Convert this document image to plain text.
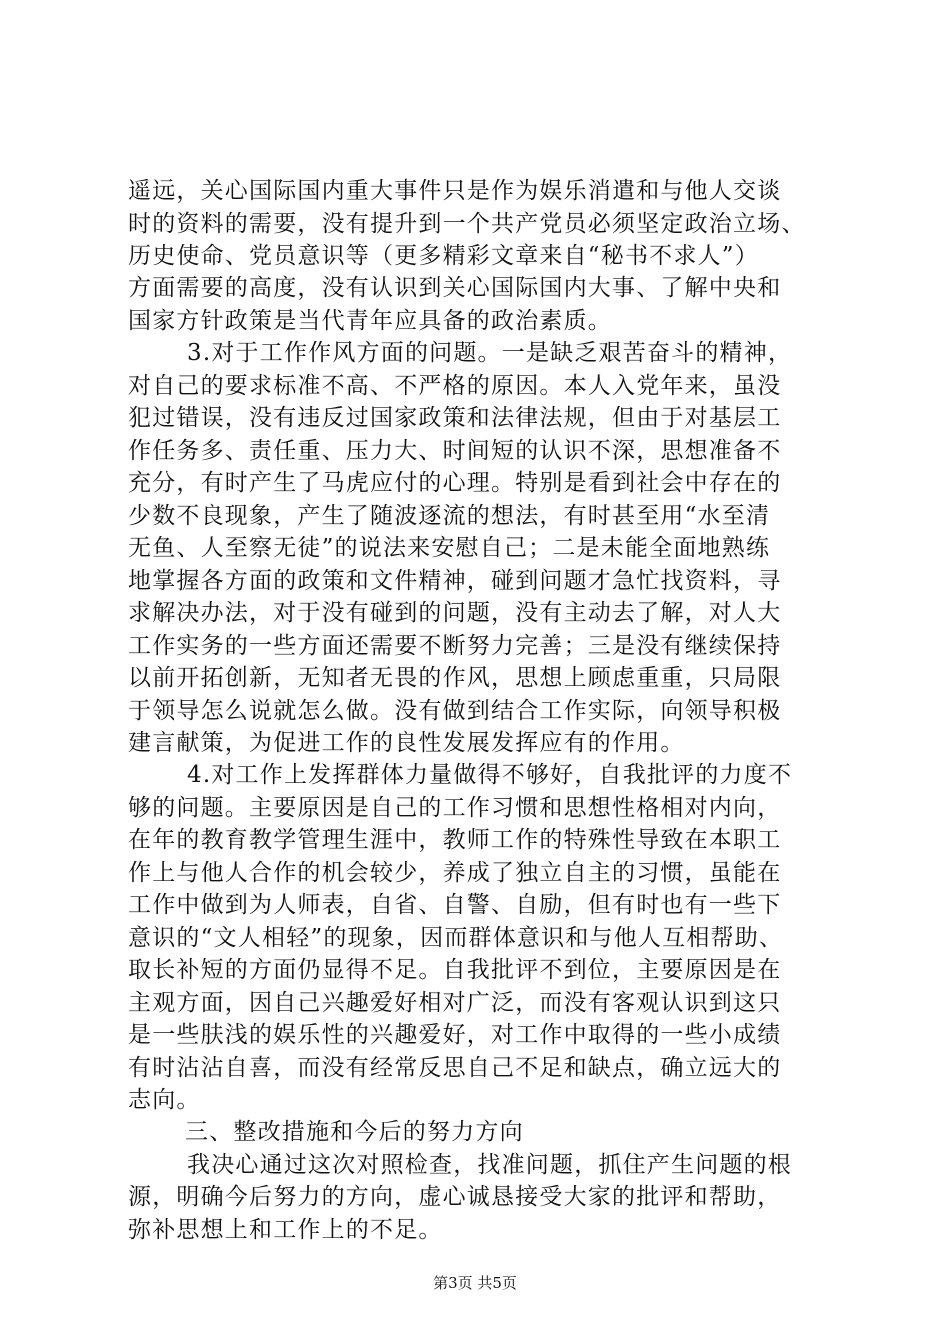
遥远，关心国际国内重大事件只是作为娱乐消遣和与他人交谈
时的资料的需要，没有提升到一个共产党员必须坚定政治立场、
历史使命、党员意识等（更多精彩文章来自“秘书不求人”）
方面需要的高度，没有认识到关心国际国内大事、了解中央和
国家方针政策是当代青年应具备的政治素质。
3.对于工作作风方面的问题。一是缺乏艰苦奋斗的精神，
对自己的要求标准不高、不严格的原因。本人入党年来，虽没
犯过错误，没有违反过国家政策和法律法规，但由于对基层工
作任务多、责任重、压力大、时间短的认识不深，思想准备不
充分，有时产生了马虎应付的心理。特别是看到社会中存在的
少数不良现象，产生了随波逐流的想法，有时甚至用“水至清
无鱼、人至察无徒”的说法来安慰自己；二是未能全面地熟练
地掌握各方面的政策和文件精神，碰到问题才急忙找资料，寻
求解决办法，对于没有碰到的问题，没有主动去了解，对人大
工作实务的一些方面还需要不断努力完善；三是没有继续保持
以前开拓创新，无知者无畏的作风，思想上顾虑重重，只局限
于领导怎么说就怎么做。没有做到结合工作实际，向领导积极
建言献策，为促进工作的良性发展发挥应有的作用。
4.对工作上发挥群体力量做得不够好，自我批评的力度不
够的问题。主要原因是自己的工作习惯和思想性格相对内向，
在年的教育教学管理生涯中，教师工作的特殊性导致在本职工
作上与他人合作的机会较少，养成了独立自主的习惯，虽能在
工作中做到为人师表，自省、自警、自励，但有时也有一些下
意识的“文人相轻”的现象，因而群体意识和与他人互相帮助、
取长补短的方面仍显得不足。自我批评不到位，主要原因是在
主观方面，因自己兴趣爱好相对广泛，而没有客观认识到这只
是一些肤浅的娱乐性的兴趣爱好，对工作中取得的一些小成绩
有时沾沾自喜，而没有经常反思自己不足和缺点，确立远大的
志向。
三、整改措施和今后的努力方向
我决心通过这次对照检查，找准问题，抓住产生问题的根
源，明确今后努力的方向，虚心诚恳接受大家的批评和帮助，
弥补思想上和工作上的不足。
第3页 共5页
